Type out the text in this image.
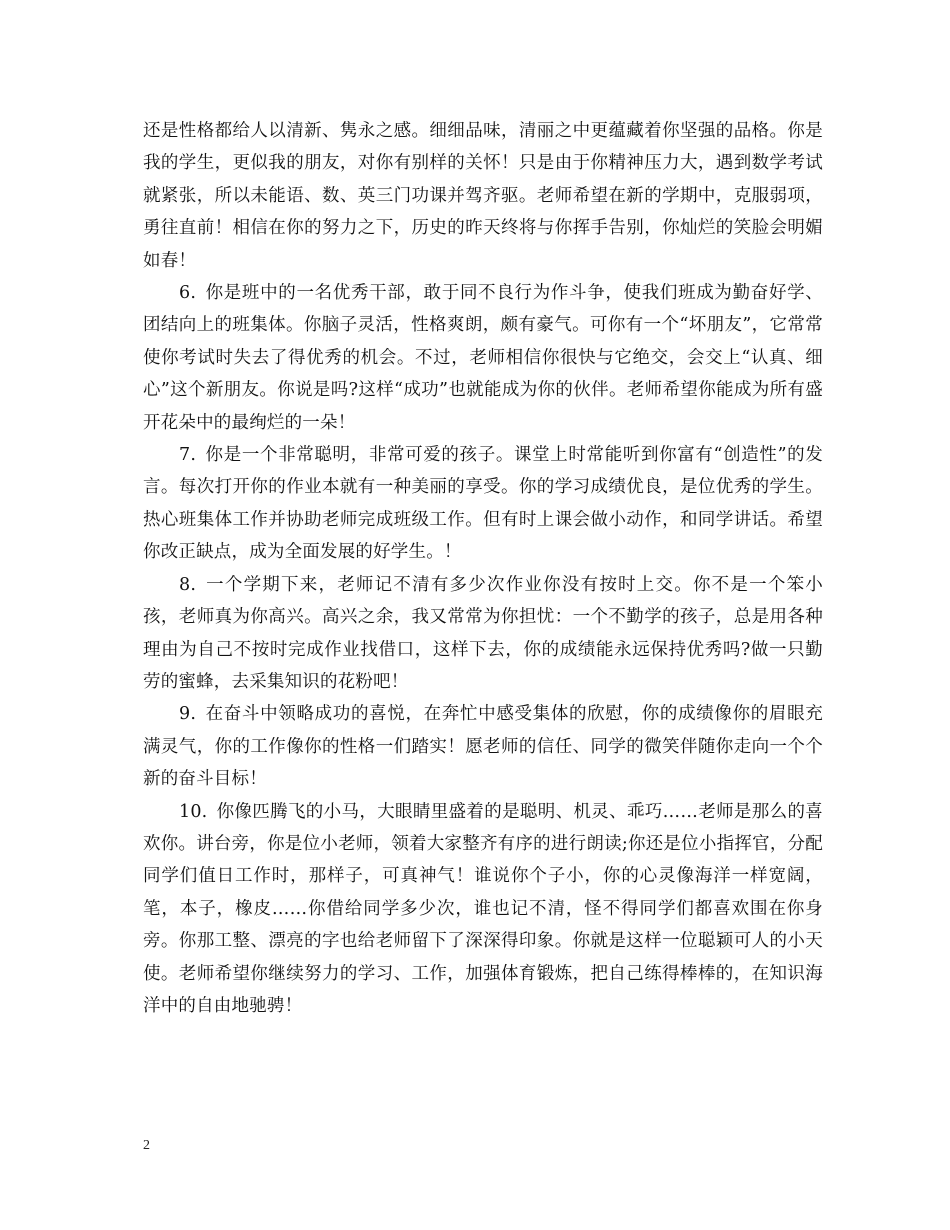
还是性格都给人以清新、隽永之感。细细品味，清丽之中更蕴藏着你坚强的品格。你是我的学生，更似我的朋友，对你有别样的关怀！只是由于你精神压力大，遇到数学考试就紧张，所以未能语、数、英三门功课并驾齐驱。老师希望在新的学期中，克服弱项，勇往直前！相信在你的努力之下，历史的昨天终将与你挥手告别，你灿烂的笑脸会明媚如春！

6. 你是班中的一名优秀干部，敢于同不良行为作斗争，使我们班成为勤奋好学、团结向上的班集体。你脑子灵活，性格爽朗，颇有豪气。可你有一个“坏朋友”，它常常使你考试时失去了得优秀的机会。不过，老师相信你很快与它绝交，会交上“认真、细心”这个新朋友。你说是吗?这样“成功”也就能成为你的伙伴。老师希望你能成为所有盛开花朵中的最绚烂的一朵！

7. 你是一个非常聪明，非常可爱的孩子。课堂上时常能听到你富有“创造性”的发言。每次打开你的作业本就有一种美丽的享受。你的学习成绩优良，是位优秀的学生。热心班集体工作并协助老师完成班级工作。但有时上课会做小动作，和同学讲话。希望你改正缺点，成为全面发展的好学生。！

8. 一个学期下来，老师记不清有多少次作业你没有按时上交。你不是一个笨小孩，老师真为你高兴。高兴之余，我又常常为你担忧：一个不勤学的孩子，总是用各种理由为自己不按时完成作业找借口，这样下去，你的成绩能永远保持优秀吗?做一只勤劳的蜜蜂，去采集知识的花粉吧！

9. 在奋斗中领略成功的喜悦，在奔忙中感受集体的欣慰，你的成绩像你的眉眼充满灵气，你的工作像你的性格一们踏实！愿老师的信任、同学的微笑伴随你走向一个个新的奋斗目标！

10. 你像匹腾飞的小马，大眼睛里盛着的是聪明、机灵、乖巧……老师是那么的喜欢你。讲台旁，你是位小老师，领着大家整齐有序的进行朗读;你还是位小指挥官，分配同学们值日工作时，那样子，可真神气！谁说你个子小，你的心灵像海洋一样宽阔，笔，本子，橡皮……你借给同学多少次，谁也记不清，怪不得同学们都喜欢围在你身旁。你那工整、漂亮的字也给老师留下了深深得印象。你就是这样一位聪颖可人的小天使。老师希望你继续努力的学习、工作，加强体育锻炼，把自己练得棒棒的，在知识海洋中的自由地驰骋！

2
